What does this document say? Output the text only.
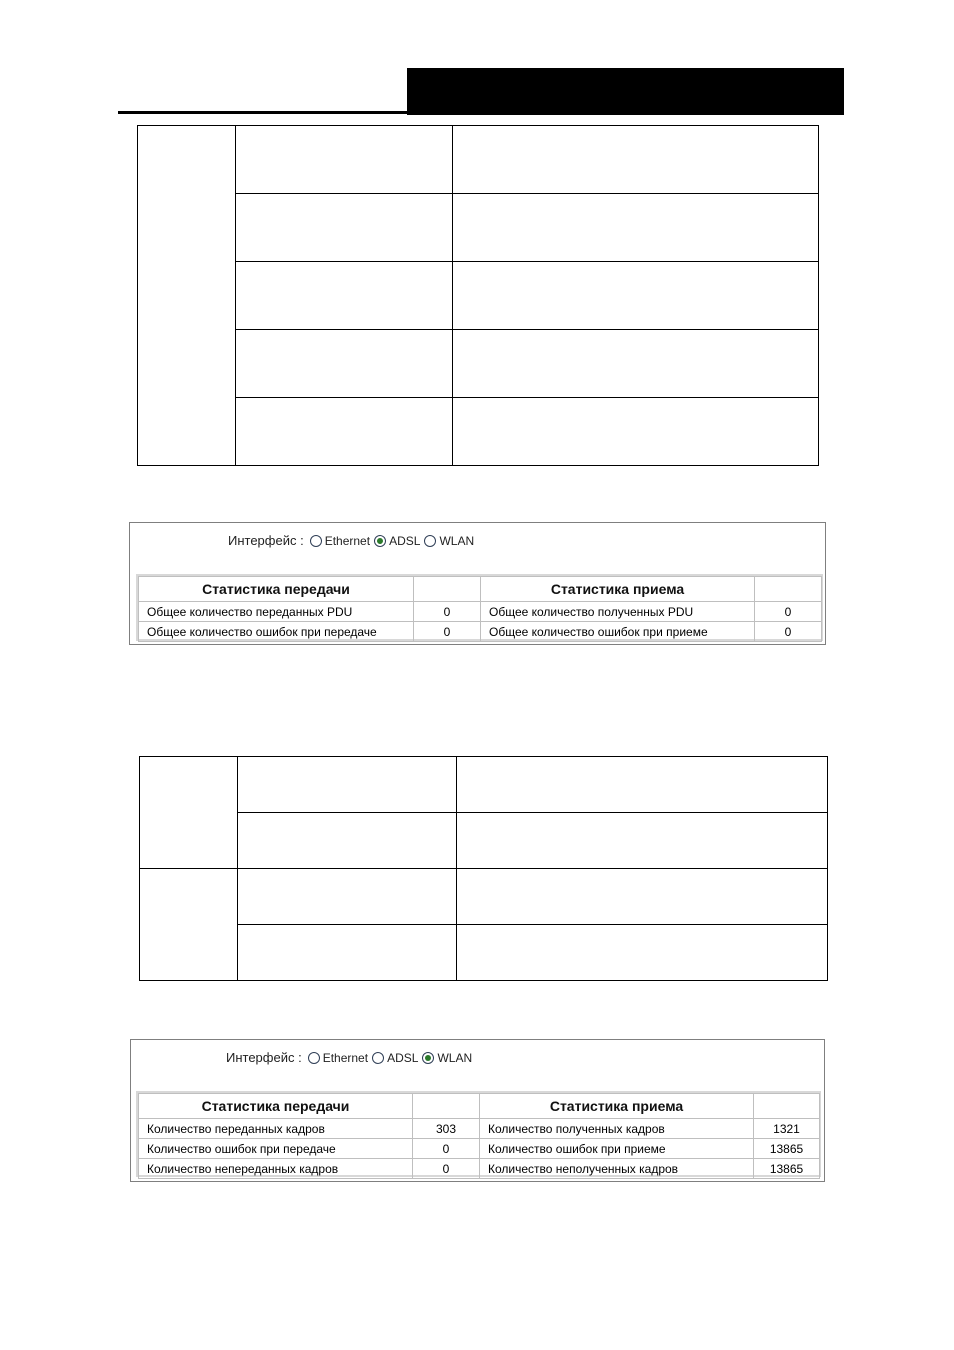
Интерфейс : Ethernet ADSL WLAN
Статистика передачи		Статистика приема	
Общее количество переданных PDU	0	Общее количество полученных PDU	0
Общее количество ошибок при передаче	0	Общее количество ошибок при приеме	0

Интерфейс : Ethernet ADSL WLAN
Статистика передачи		Статистика приема	
Количество переданных кадров	303	Количество полученных кадров	1321
Количество ошибок при передаче	0	Количество ошибок при приеме	13865
Количество непереданных кадров	0	Количество неполученных кадров	13865
